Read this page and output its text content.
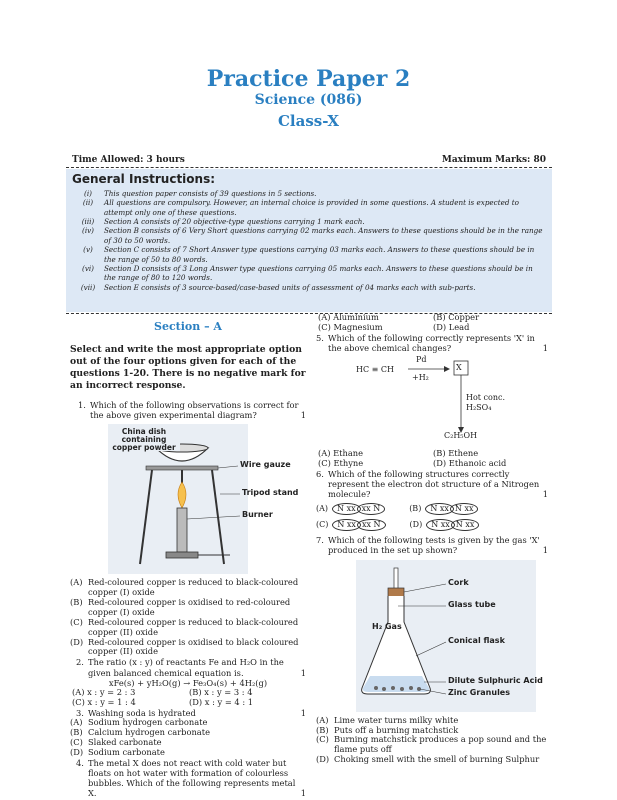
Practice Paper 2
Science (086)
Class-X
Time Allowed: 3 hours	Maximum Marks: 80
General Instructions:
(i)	This question paper consists of 39 questions in 5 sections.
(ii)	All questions are compulsory. However, an internal choice is provided in some questions. A student is expected to attempt only one of these questions.
(iii)	Section A consists of 20 objective-type questions carrying 1 mark each.
(iv)	Section B consists of 6 Very Short questions carrying 02 marks each. Answers to these questions should be in the range of 30 to 50 words.
(v)	Section C consists of 7 Short Answer type questions carrying 03 marks each. Answers to these questions should be in the range of 50 to 80 words.
(vi)	Section D consists of 3 Long Answer type questions carrying 05 marks each. Answers to these questions should be in the range of 80 to 120 words.
(vii)	Section E consists of 3 source-based/case-based units of assessment of 04 marks each with sub-parts.
Section – A
Select and write the most appropriate option out of the four options given for each of the questions 1-20. There is no negative mark for an incorrect response.
1. Which of the following observations is correct for the above given experimental diagram?	1
China dish containing copper powder
Wire gauze
Tripod stand
Burner
(A) Red-coloured copper is reduced to black-coloured copper (I) oxide
(B) Red-coloured copper is oxidised to red-coloured copper (I) oxide
(C) Red-coloured copper is reduced to black-coloured copper (II) oxide
(D) Red-coloured copper is oxidised to black coloured copper (II) oxide
2. The ratio (x : y) of reactants Fe and H₂O in the given balanced chemical equation is.	1
xFe(s) + yH₂O(g) → Fe₃O₄(s) + 4H₂(g)
(A) x : y = 2 : 3	(B) x : y = 3 : 4
(C) x : y = 1 : 4	(D) x : y = 4 : 1
3. Washing soda is hydrated	1
(A) Sodium hydrogen carbonate
(B) Calcium hydrogen carbonate
(C) Slaked carbonate
(D) Sodium carbonate
4. The metal X does not react with cold water but floats on hot water with formation of colourless bubbles. Which of the following represents metal X.	1
(A) Aluminium	(B) Copper
(C) Magnesium	(D) Lead
5. Which of the following correctly represents 'X' in the above chemical changes?	1
HC ≡ CH
Pd
+H₂
X
Hot conc.
H₂SO₄
C₂H₅OH
(A) Ethane	(B) Ethene
(C) Ethyne	(D) Ethanoic acid
6. Which of the following structures correctly represent the electron dot structure of a Nitrogen molecule?	1
(A)	N xx xx N	(B)	N xx N xx
(C)	N xx xx N	(D)	N xx N xx
7. Which of the following tests is given by the gas 'X' produced in the set up shown?	1
Cork
Glass tube
H₂ Gas
Conical flask
Dilute Sulphuric Acid
Zinc Granules
(A) Lime water turns milky white
(B) Puts off a burning matchstick
(C) Burning matchstick produces a pop sound and the flame puts off
(D) Choking smell with the smell of burning Sulphur
